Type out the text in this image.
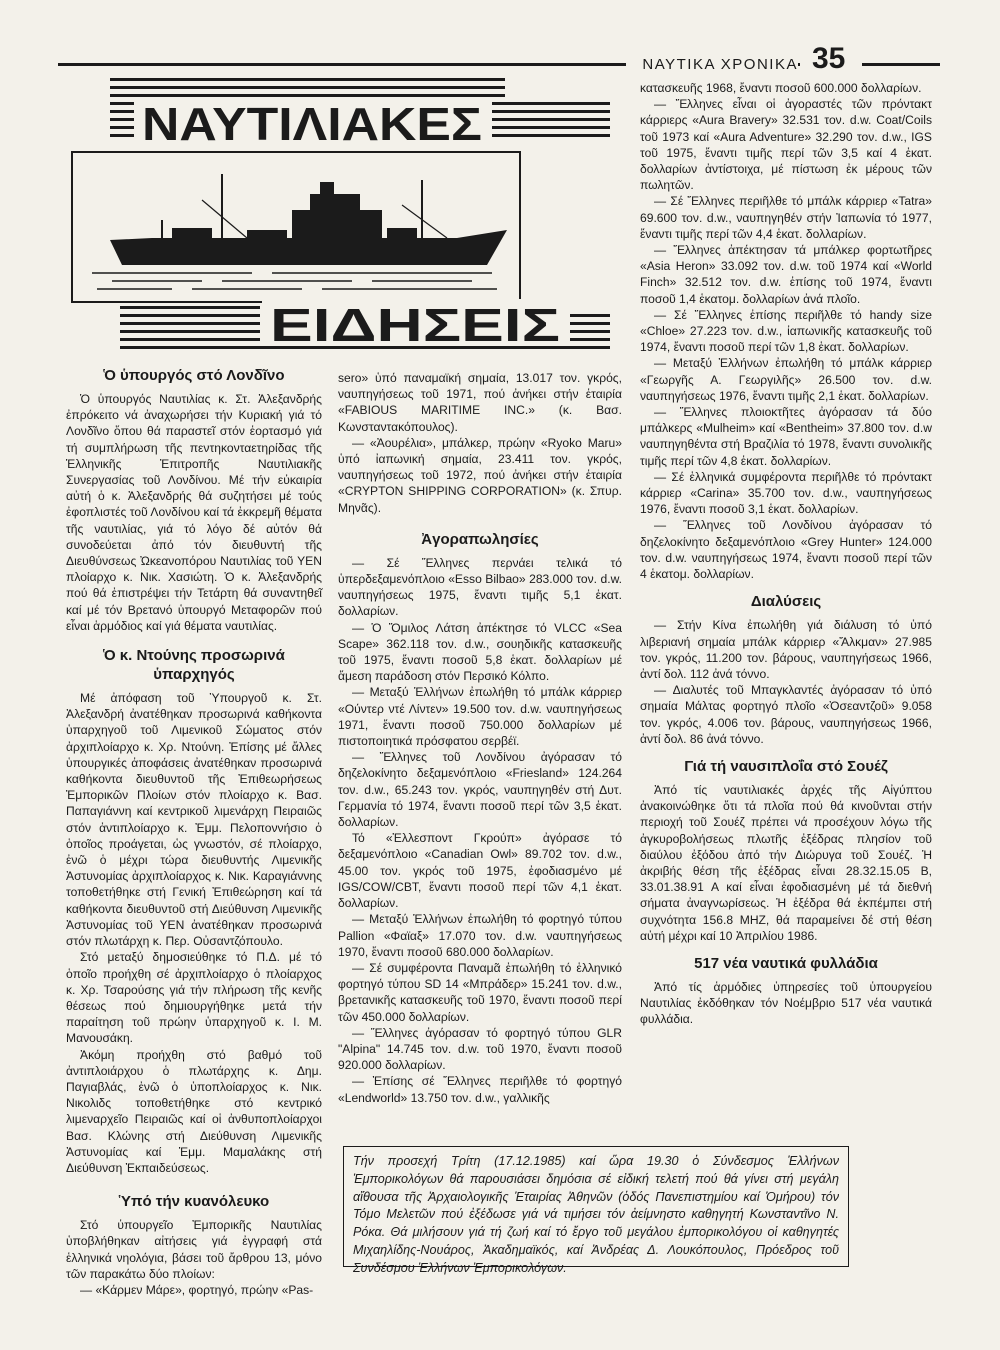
ΝΑΥΤΙΚΑ ΧΡΟΝΙΚΑ 35
ΝΑΥΤΙΛΙΑΚΕΣ
ΕΙΔΗΣΕΙΣ
Ὁ ὑπουργός στό Λονδῖνο

Ὁ ὑπουργός Ναυτιλίας κ. Στ. Ἀλεξανδρής ἐπρόκειτο νά ἀναχωρήσει τήν Κυριακή γιά τό Λονδῖνο ὅπου θά παραστεῖ στόν ἑορτασμό γιά τή συμπλήρωση τῆς πεντηκονταετηρίδας τῆς Ἑλληνικῆς Ἐπιτροπῆς Ναυτιλιακῆς Συνεργασίας τοῦ Λονδίνου. Μέ τήν εὐκαιρία αὐτή ὁ κ. Ἀλεξανδρής θά συζητήσει μέ τούς ἐφοπλιστές τοῦ Λονδίνου καί τά ἐκκρεμῆ θέματα τῆς ναυτιλίας, γιά τό λόγο δέ αὐτόν θά συνοδεύεται ἀπό τόν διευθυντή τῆς Διευθύνσεως Ὠκεανοπόρου Ναυτιλίας τοῦ ΥΕΝ πλοίαρχο κ. Νικ. Χασιώτη. Ὁ κ. Ἀλεξανδρής πού θά ἐπιστρέψει τήν Τετάρτη θά συναντηθεῖ καί μέ τόν Βρετανό ὑπουργό Μεταφορῶν πού εἶναι ἁρμόδιος καί γιά θέματα ναυτιλίας.

Ὁ κ. Ντούνης προσωρινά ὑπαρχηγός

Μέ ἀπόφαση τοῦ Ὑπουργοῦ κ. Στ. Ἀλεξανδρή ἀνατέθηκαν προσωρινά καθήκοντα ὑπαρχηγοῦ τοῦ Λιμενικοῦ Σώματος στόν ἀρχιπλοίαρχο κ. Χρ. Ντούνη. Ἐπίσης μέ ἄλλες ὑπουργικές ἀποφάσεις ἀνατέθηκαν προσωρινά καθήκοντα διευθυντοῦ τῆς Ἐπιθεωρήσεως Ἐμπορικῶν Πλοίων στόν πλοίαρχο κ. Βασ. Παπαγιάννη καί κεντρικοῦ λιμενάρχη Πειραιῶς στόν ἀντιπλοίαρχο κ. Ἐμμ. Πελοποννήσιο ὁ ὁποῖος προάγεται, ὡς γνωστόν, σέ πλοίαρχο, ἐνῶ ὁ μέχρι τώρα διευθυντής Λιμενικῆς Ἀστυνομίας ἀρχιπλοίαρχος κ. Νικ. Καραγιάννης τοποθετήθηκε στή Γενική Ἐπιθεώρηση καί τά καθήκοντα διευθυντοῦ στή Διεύθυνση Λιμενικῆς Ἀστυνομίας τοῦ ΥΕΝ ἀνατέθηκαν προσωρινά στόν πλωτάρχη κ. Περ. Οὐσαντζόπουλο.

Στό μεταξύ δημοσιεύθηκε τό Π.Δ. μέ τό ὁποῖο προήχθη σέ ἀρχιπλοίαρχο ὁ πλοίαρχος κ. Χρ. Τσαρούσης γιά τήν πλήρωση τῆς κενῆς θέσεως πού δημιουργήθηκε μετά τήν παραίτηση τοῦ πρώην ὑπαρχηγοῦ κ. Ι. Μ. Μανουσάκη.

Ἀκόμη προήχθη στό βαθμό τοῦ ἀντιπλοιάρχου ὁ πλωτάρχης κ. Δημ. Παγιαβλάς, ἐνῶ ὁ ὑποπλοίαρχος κ. Νικ. Νικολιδς τοποθετήθηκε στό κεντρικό λιμεναρχεῖο Πειραιῶς καί οἱ ἀνθυποπλοίαρχοι Βασ. Κλώνης στή Διεύθυνση Λιμενικῆς Ἀστυνομίας καί Ἐμμ. Μαμαλάκης στή Διεύθυνση Ἐκπαιδεύσεως.

Ὑπό τήν κυανόλευκο

Στό ὑπουργεῖο Ἐμπορικῆς Ναυτιλίας ὑποβλήθηκαν αἰτήσεις γιά ἐγγραφή στά ἑλληνικά νηολόγια, βάσει τοῦ ἄρθρου 13, μόνο τῶν παρακάτω δύο πλοίων:

— «Κάρμεν Μάρε», φορτηγό, πρώην «Pas-

sero» ὑπό παναμαϊκή σημαία, 13.017 τον. γκρός, ναυπηγήσεως τοῦ 1971, πού ἀνήκει στήν ἑταιρία «FABIOUS MARITIME INC.» (κ. Βασ. Κωνσταντακόπουλος).

— «Ἀουρέλια», μπάλκερ, πρώην «Ryoko Maru» ὑπό ἰαπωνική σημαία, 23.411 τον. γκρός, ναυπηγήσεως τοῦ 1972, πού ἀνήκει στήν ἑταιρία «CRYPTON SHIPPING CORPORATION» (κ. Σπυρ. Μηνᾶς).

Ἀγοραπωλησίες

— Σέ Ἕλληνες περνάει τελικά τό ὑπερδεξαμενόπλοιο «Esso Bilbao» 283.000 τον. d.w. ναυπηγήσεως 1975, ἔναντι τιμῆς 5,1 ἑκατ. δολλαρίων.

— Ὁ Ὅμιλος Λάτση ἀπέκτησε τό VLCC «Sea Scape» 362.118 τον. d.w., σουηδικῆς κατασκευῆς τοῦ 1975, ἔναντι ποσοῦ 5,8 ἑκατ. δολλαρίων μέ ἄμεση παράδοση στόν Περσικό Κόλπο.

— Μεταξύ Ἑλλήνων ἐπωλήθη τό μπάλκ κάρριερ «Ούντερ ντέ Λίντεν» 19.500 τον. d.w. ναυπηγήσεως 1971, ἔναντι ποσοῦ 750.000 δολλαρίων μέ πιστοποιητικά πρόσφατου σερβέϊ.

— Ἕλληνες τοῦ Λονδίνου ἀγόρασαν τό δηζελοκίνητο δεξαμενόπλοιο «Friesland» 124.264 τον. d.w., 65.243 τον. γκρός, ναυπηγηθέν στή Δυτ. Γερμανία τό 1974, ἔναντι ποσοῦ περί τῶν 3,5 ἑκατ. δολλαρίων.

Τό «Ἑλλεσποντ Γκρούπ» ἀγόρασε τό δεξαμενόπλοιο «Canadian Owl» 89.702 τον. d.w., 45.00 τον. γκρός τοῦ 1975, ἐφοδιασμένο μέ IGS/COW/CBT, ἔναντι ποσοῦ περί τῶν 4,1 ἑκατ. δολλαρίων.

— Μεταξύ Ἑλλήνων ἐπωλήθη τό φορτηγό τύπου Pallion «Φαϊαξ» 17.070 τον. d.w. ναυπηγήσεως 1970, ἔναντι ποσοῦ 680.000 δολλαρίων.

— Σέ συμφέροντα Παναμᾶ ἐπωλήθη τό ἑλληνικό φορτηγό τύπου SD 14 «Μπράδερ» 15.241 τον. d.w., βρετανικῆς κατασκευῆς τοῦ 1970, ἔναντι ποσοῦ περί τῶν 450.000 δολλαρίων.

— Ἕλληνες ἀγόρασαν τό φορτηγό τύπου GLR "Alpina" 14.745 τον. d.w. τοῦ 1970, ἔναντι ποσοῦ 920.000 δολλαρίων.

— Ἐπίσης σέ Ἕλληνες περιῆλθε τό φορτηγό «Lendworld» 13.750 τον. d.w., γαλλικῆς

κατασκευῆς 1968, ἔναντι ποσοῦ 600.000 δολλαρίων.

— Ἕλληνες εἶναι οἱ ἀγοραστές τῶν πρόντακτ κάρριερς «Aura Bravery» 32.531 τον. d.w. Coat/Coils τοῦ 1973 καί «Aura Adventure» 32.290 τον. d.w., IGS τοῦ 1975, ἔναντι τιμῆς περί τῶν 3,5 καί 4 ἑκατ. δολλαρίων ἀντίστοιχα, μέ πίστωση ἐκ μέρους τῶν πωλητῶν.

— Σέ Ἕλληνες περιῆλθε τό μπάλκ κάρριερ «Tatra» 69.600 τον. d.w., ναυπηγηθέν στήν Ἰαπωνία τό 1977, ἔναντι τιμῆς περί τῶν 4,4 ἑκατ. δολλαρίων.

— Ἕλληνες ἀπέκτησαν τά μπάλκερ φορτωτῆρες «Asia Heron» 33.092 τον. d.w. τοῦ 1974 καί «World Finch» 32.512 τον. d.w. ἐπίσης τοῦ 1974, ἔναντι ποσοῦ 1,4 ἑκατομ. δολλαρίων ἀνά πλοῖο.

— Σέ Ἕλληνες ἐπίσης περιῆλθε τό handy size «Chloe» 27.223 τον. d.w., ἰαπωνικῆς κατασκευῆς τοῦ 1974, ἔναντι ποσοῦ περί τῶν 1,8 ἑκατ. δολλαρίων.

— Μεταξύ Ἑλλήνων ἐπωλήθη τό μπάλκ κάρριερ «Γεωργῆς Α. Γεωργιλῆς» 26.500 τον. d.w. ναυπηγήσεως 1976, ἔναντι τιμῆς 2,1 ἑκατ. δολλαρίων.

— Ἕλληνες πλοιοκτῆτες ἀγόρασαν τά δύο μπάλκερς «Mulheim» καί «Bentheim» 37.800 τον. d.w ναυπηγηθέντα στή Βραζιλία τό 1978, ἔναντι συνολικῆς τιμῆς περί τῶν 4,8 ἑκατ. δολλαρίων.

— Σέ ἑλληνικά συμφέροντα περιῆλθε τό πρόντακτ κάρριερ «Carina» 35.700 τον. d.w., ναυπηγήσεως 1976, ἔναντι ποσοῦ 3,1 ἑκατ. δολλαρίων.

— Ἕλληνες τοῦ Λονδίνου ἀγόρασαν τό δηζελοκίνητο δεξαμενόπλοιο «Grey Hunter» 124.000 τον. d.w. ναυπηγήσεως 1974, ἔναντι ποσοῦ περί τῶν 4 ἑκατομ. δολλαρίων.

Διαλύσεις

— Στήν Κίνα ἐπωλήθη γιά διάλυση τό ὑπό λιβεριανή σημαία μπάλκ κάρριερ «Ἄλκμαν» 27.985 τον. γκρός, 11.200 τον. βάρους, ναυπηγήσεως 1966, ἀντί δολ. 112 ἀνά τόννο.

— Διαλυτές τοῦ Μπαγκλαντές ἀγόρασαν τό ὑπό σημαία Μάλτας φορτηγό πλοῖο «Ὀσεαντζοῦ» 9.058 τον. γκρός, 4.006 τον. βάρους, ναυπηγήσεως 1966, ἀντί δολ. 86 ἀνά τόννο.

Γιά τή ναυσιπλοΐα στό Σουέζ

Ἀπό τίς ναυτιλιακές ἀρχές τῆς Αἰγύπτου ἀνακοινώθηκε ὅτι τά πλοῖα πού θά κινοῦνται στήν περιοχή τοῦ Σουέζ πρέπει νά προσέχουν λόγω τῆς ἀγκυροβολήσεως πλωτῆς ἐξέδρας πλησίον τοῦ διαύλου ἐξόδου ἀπό τήν Διώρυγα τοῦ Σουέζ. Ἡ ἀκριβής θέση τῆς ἐξέδρας εἶναι 28.32.15.05 Β, 33.01.38.91 Α καί εἶναι ἐφοδιασμένη μέ τά διεθνή σήματα ἀναγνωρίσεως. Ἡ ἐξέδρα θά ἐκπέμπει στή συχνότητα 156.8 MHZ, θά παραμείνει δέ στή θέση αὐτή μέχρι καί 10 Ἀπριλίου 1986.

517 νέα ναυτικά φυλλάδια

Ἀπό τίς ἁρμόδιες ὑπηρεσίες τοῦ ὑπουργείου Ναυτιλίας ἐκδόθηκαν τόν Νοέμβριο 517 νέα ναυτικά φυλλάδια.

Τήν προσεχή Τρίτη (17.12.1985) καί ὥρα 19.30 ὁ Σύνδεσμος Ἑλλήνων Ἐμπορικολόγων θά παρουσιάσει δημόσια σέ εἰδική τελετή πού θά γίνει στή μεγάλη αἴθουσα τῆς Ἀρχαιολογικῆς Ἑταιρίας Ἀθηνῶν (ὁδός Πανεπιστημίου καί Ὁμήρου) τόν Τόμο Μελετῶν πού ἐξέδωσε γιά νά τιμήσει τόν ἀείμνηστο καθηγητή Κωνσταντῖνο Ν. Ρόκα. Θά μιλήσουν γιά τή ζωή καί τό ἔργο τοῦ μεγάλου ἐμπορικολόγου οἱ καθηγητές Μιχαηλίδης-Νουάρος, Ἀκαδημαϊκός, καί Ἀνδρέας Δ. Λουκόπουλος, Πρόεδρος τοῦ Συνδέσμου Ἑλλήνων Ἐμπορικολόγων.
